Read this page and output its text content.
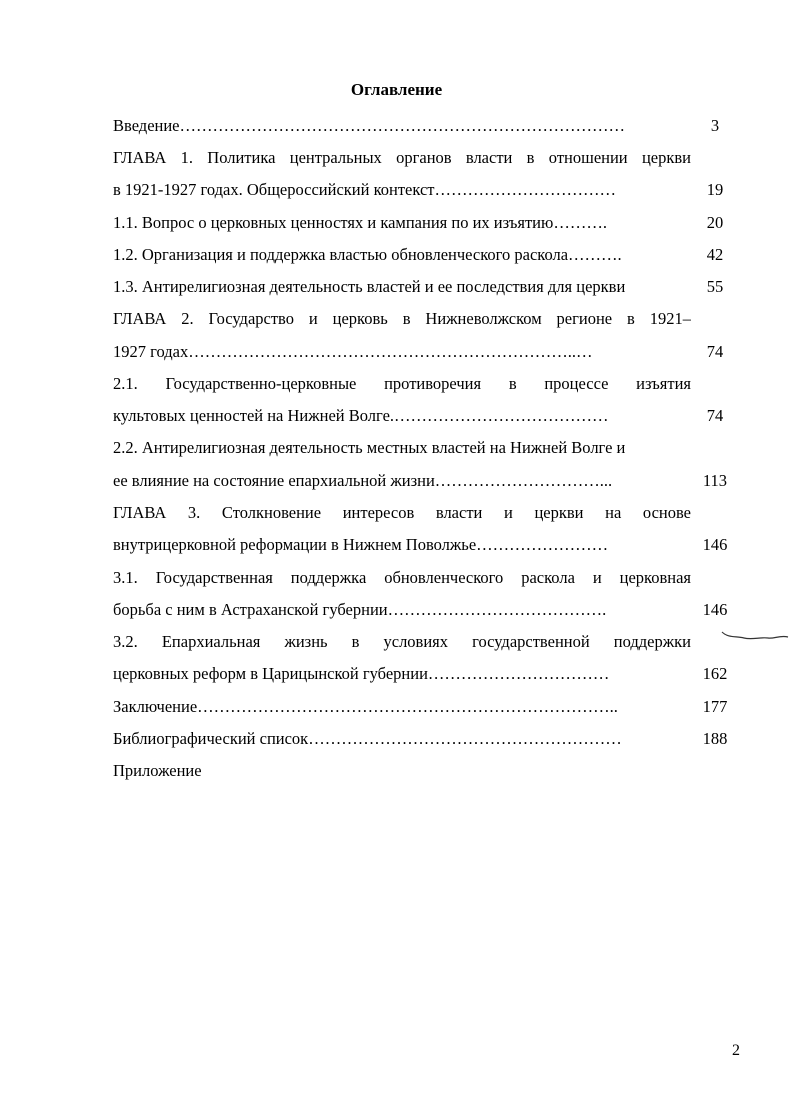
Оглавление
Введение………………………………………………………………………	3
ГЛАВА 1. Политика центральных органов власти в отношении церкви
в 1921-1927 годах. Общероссийский контекст……………………………	19
1.1. Вопрос о церковных ценностях и кампания по их изъятию……….	20
1.2. Организация и поддержка властью обновленческого раскола……….	42
1.3. Антирелигиозная деятельность властей и ее последствия для церкви	55
ГЛАВА 2. Государство и церковь в Нижневолжском регионе в 1921–
1927 годах……………………………………………………………..…	74
2.1. Государственно-церковные противоречия в процессе изъятия
культовых ценностей на Нижней Волге.…………………………………	74
2.2. Антирелигиозная деятельность местных властей на Нижней Волге и
ее влияние на состояние епархиальной жизни…………………………...	113
ГЛАВА 3. Столкновение интересов власти и церкви на основе
внутрицерковной реформации в Нижнем Поволжье……………………	146
3.1. Государственная поддержка обновленческого раскола и церковная
борьба с ним в Астраханской губернии………………………………….	146
3.2. Епархиальная жизнь в условиях государственной поддержки
церковных реформ в Царицынской губернии……………………………	162
Заключение…………………………………………………………………..	177
Библиографический список…………………………………………………	188
Приложение
2
